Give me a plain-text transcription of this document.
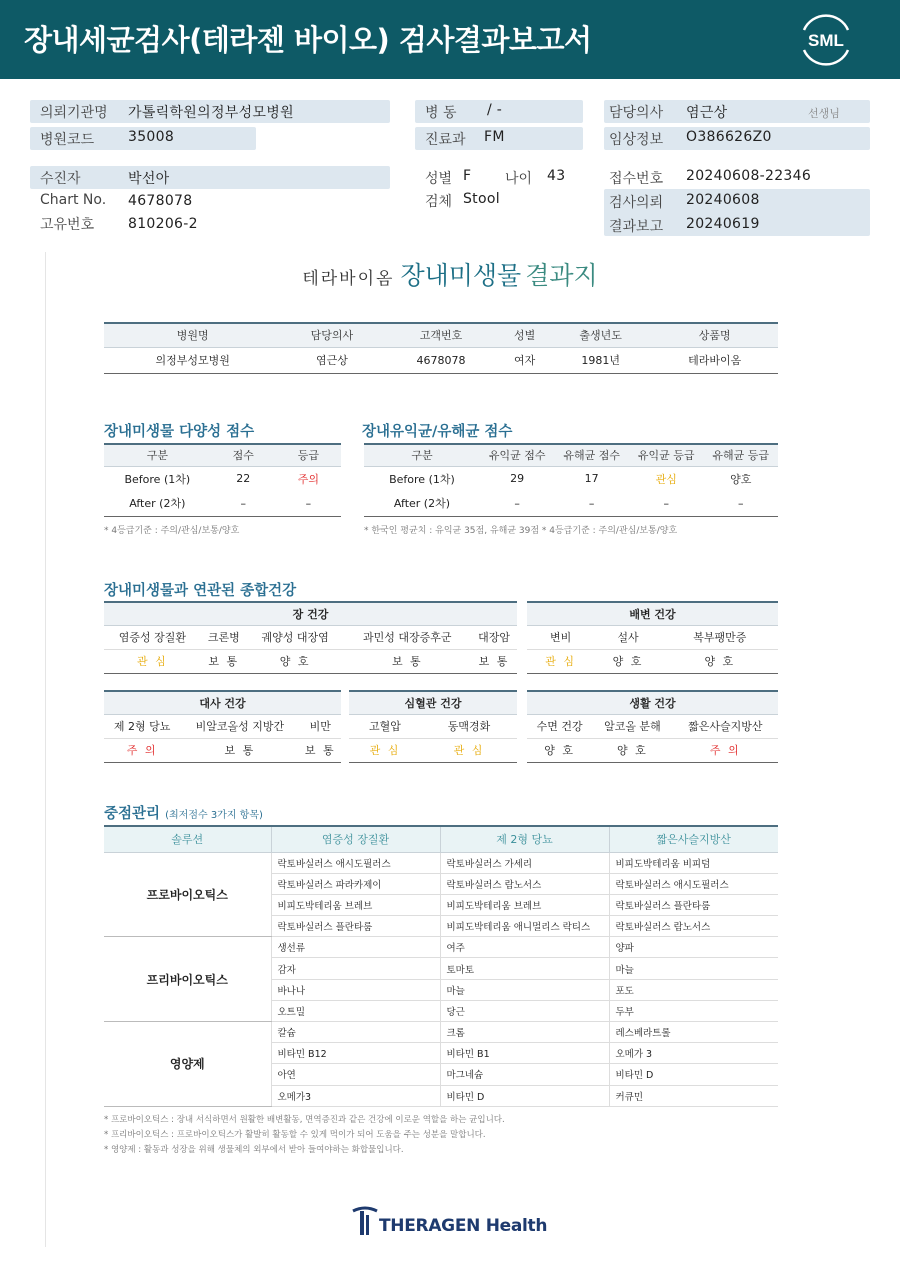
장내세균검사(테라젠 바이오) 검사결과보고서	SML
의뢰기관명 가톨릭학원의정부성모병원
병원코드 35008
병 동 / -
진료과 FM
담당의사 염근상	선생님
임상정보 O386626Z0
수진자	박선아
Chart No. 4678078
고유번호 810206-2
성별 F 나이 43
검체 Stool
접수번호 20240608-22346
검사의뢰 20240608
결과보고 20240619
테라바이옴 장내미생물 결과지
병원명	담당의사	고객번호	성별	출생년도	상품명
의정부성모병원	염근상	4678078	여자	1981년	테라바이옴
장내미생물 다양성 점수
구분	점수	등급
Before (1차)	22	주의
After (2차)	–	–
* 4등급기준 : 주의/관심/보통/양호
장내유익균/유해균 점수
구분	유익균 점수	유해균 점수	유익균 등급	유해균 등급
Before (1차)	29	17	관심	양호
After (2차)	–	–	–	–
* 한국인 평균치 : 유익균 35점, 유해균 39점 * 4등급기준 : 주의/관심/보통/양호
장내미생물과 연관된 종합건강
장 건강				
염증성 장질환	크론병	궤양성 대장염	과민성 대장증후군	대장암
관 심	보 통	양 호	보 통	보 통
배변 건강		
변비	설사	복부팽만증
관 심	양 호	양 호
대사 건강		
제 2형 당뇨	비알코올성 지방간	비만
주 의	보 통	보 통
심혈관 건강	
고혈압	동맥경화
관 심	관 심
생활 건강		
수면 건강	알코올 분해	짧은사슬지방산
양 호	양 호	주 의
중점관리 (최저점수 3가지 항목)
솔루션	염증성 장질환	제 2형 당뇨	짧은사슬지방산
프로바이오틱스	락토바실러스 애시도필러스	락토바실러스 가세리	비피도박테리움 비피덤
	락토바실러스 파라카제이	락토바실러스 람노서스	락토바실러스 애시도필러스
	비피도박테리움 브레브	비피도박테리움 브레브	락토바실러스 플란타룸
	락토바실러스 플란타룸	비피도박테리움 애니멀리스 락티스	락토바실러스 람노서스
프리바이오틱스	생선류	여주	양파
	감자	토마토	마늘
	바나나	마늘	포도
	오트밀	당근	두부
영양제	칼슘	크롬	레스베라트롤
	비타민 B12	비타민 B1	오메가 3
	아연	마그네슘	비타민 D
	오메가3	비타민 D	커큐민
* 프로바이오틱스 : 장내 서식하면서 원활한 배변활동, 면역증진과 같은 건강에 이로운 역할을 하는 균입니다.
* 프리바이오틱스 : 프로바이오틱스가 활발히 활동할 수 있게 먹이가 되어 도움을 주는 성분을 말합니다.
* 영양제 : 활동과 성장을 위해 생물체의 외부에서 받아 들여야하는 화합물입니다.
THERAGEN Health
